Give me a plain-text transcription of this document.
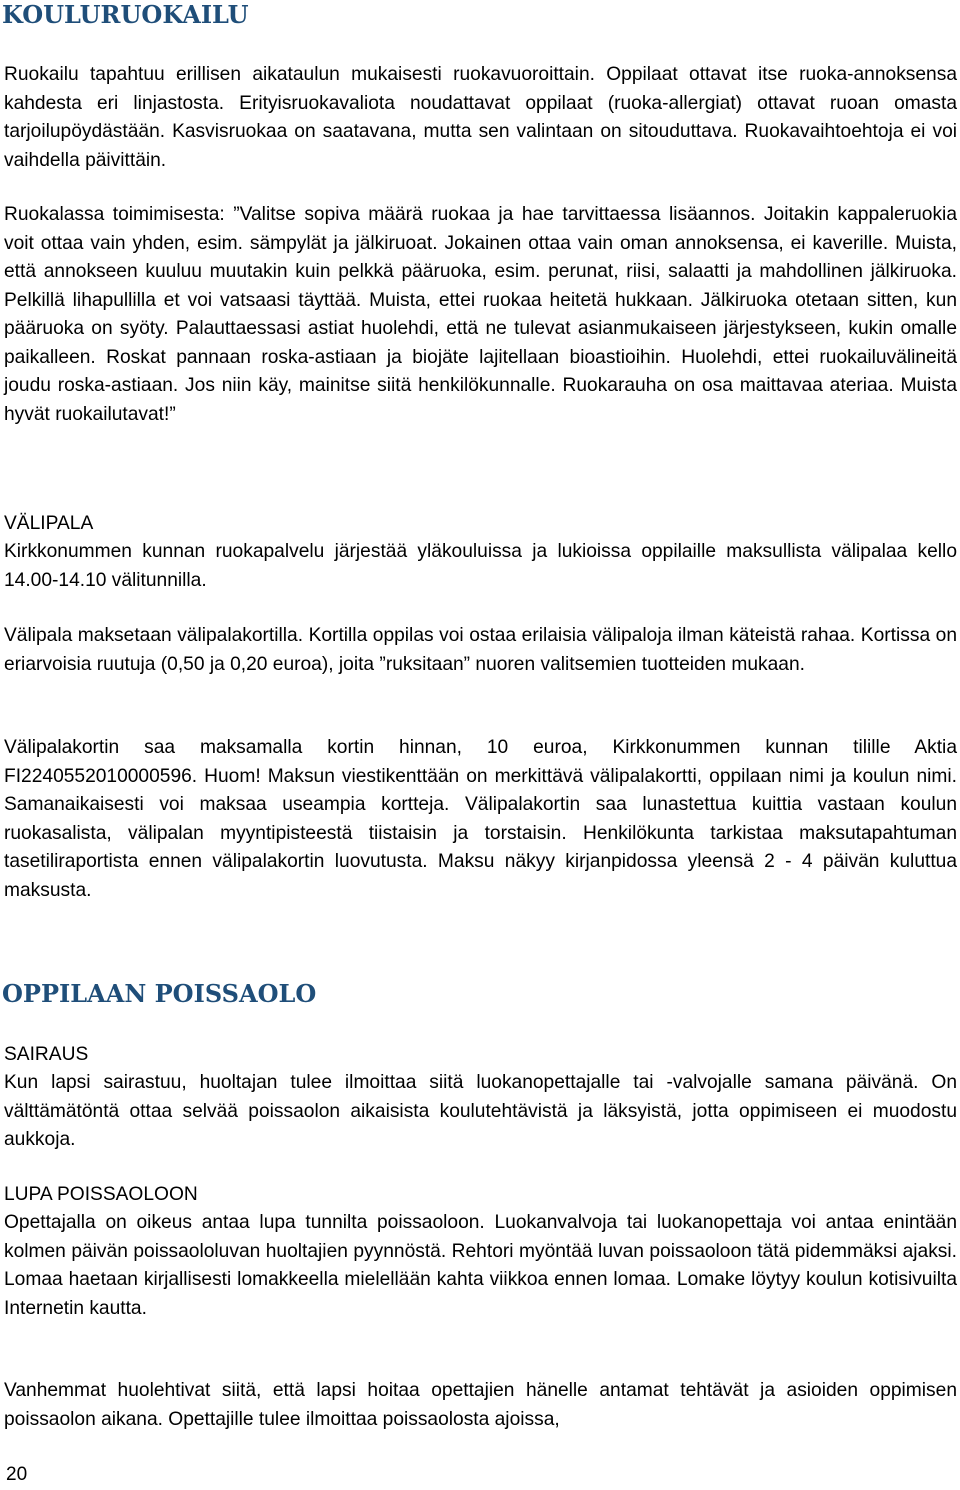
KOULURUOKAILU

Ruokailu tapahtuu erillisen aikataulun mukaisesti ruokavuoroittain. Oppilaat ottavat itse ruoka-annoksensa kahdesta eri linjastosta. Erityisruokavaliota noudattavat oppilaat (ruoka-allergiat) ottavat ruoan omasta tarjoilupöydästään. Kasvisruokaa on saatavana, mutta sen valintaan on sitouduttava. Ruokavaihtoehtoja ei voi vaihdella päivittäin.

Ruokalassa toimimisesta: ”Valitse sopiva määrä ruokaa ja hae tarvittaessa lisäannos. Joitakin kappaleruokia voit ottaa vain yhden, esim. sämpylät ja jälkiruoat. Jokainen ottaa vain oman annoksensa, ei kaverille. Muista, että annokseen kuuluu muutakin kuin pelkkä pääruoka, esim. perunat, riisi, salaatti ja mahdollinen jälkiruoka. Pelkillä lihapullilla et voi vatsaasi täyttää. Muista, ettei ruokaa heitetä hukkaan. Jälkiruoka otetaan sitten, kun pääruoka on syöty. Palauttaessasi astiat huolehdi, että ne tulevat asianmukaiseen järjestykseen, kukin omalle paikalleen. Roskat pannaan roska-astiaan ja biojäte lajitellaan bioastioihin. Huolehdi, ettei ruokailuvälineitä joudu roska-astiaan. Jos niin käy, mainitse siitä henkilökunnalle. Ruokarauha on osa maittavaa ateriaa. Muista hyvät ruokailutavat!”

VÄLIPALA

Kirkkonummen kunnan ruokapalvelu järjestää yläkouluissa ja lukioissa oppilaille maksullista välipalaa kello 14.00-14.10 välitunnilla.

Välipala maksetaan välipalakortilla. Kortilla oppilas voi ostaa erilaisia välipaloja ilman käteistä rahaa. Kortissa on eriarvoisia ruutuja (0,50 ja 0,20 euroa), joita ”ruksitaan” nuoren valitsemien tuotteiden mukaan.

Välipalakortin saa maksamalla kortin hinnan, 10 euroa, Kirkkonummen kunnan tilille Aktia FI2240552010000596. Huom! Maksun viestikenttään on merkittävä välipalakortti, oppilaan nimi ja koulun nimi. Samanaikaisesti voi maksaa useampia kortteja. Välipalakortin saa lunastettua kuittia vastaan koulun ruokasalista, välipalan myyntipisteestä tiistaisin ja torstaisin. Henkilökunta tarkistaa maksutapahtuman tasetiliraportista ennen välipalakortin luovutusta. Maksu näkyy kirjanpidossa yleensä 2 - 4 päivän kuluttua maksusta.

OPPILAAN POISSAOLO

SAIRAUS

Kun lapsi sairastuu, huoltajan tulee ilmoittaa siitä luokanopettajalle tai -valvojalle samana päivänä. On välttämätöntä ottaa selvää poissaolon aikaisista koulutehtävistä ja läksyistä, jotta oppimiseen ei muodostu aukkoja.

LUPA POISSAOLOON

Opettajalla on oikeus antaa lupa tunnilta poissaoloon. Luokanvalvoja tai luokanopettaja voi antaa enintään kolmen päivän poissaololuvan huoltajien pyynnöstä. Rehtori myöntää luvan poissaoloon tätä pidemmäksi ajaksi. Lomaa haetaan kirjallisesti lomakkeella mielellään kahta viikkoa ennen lomaa. Lomake löytyy koulun kotisivuilta Internetin kautta.

Vanhemmat huolehtivat siitä, että lapsi hoitaa opettajien hänelle antamat tehtävät ja asioiden oppimisen poissaolon aikana. Opettajille tulee ilmoittaa poissaolosta ajoissa,

20
